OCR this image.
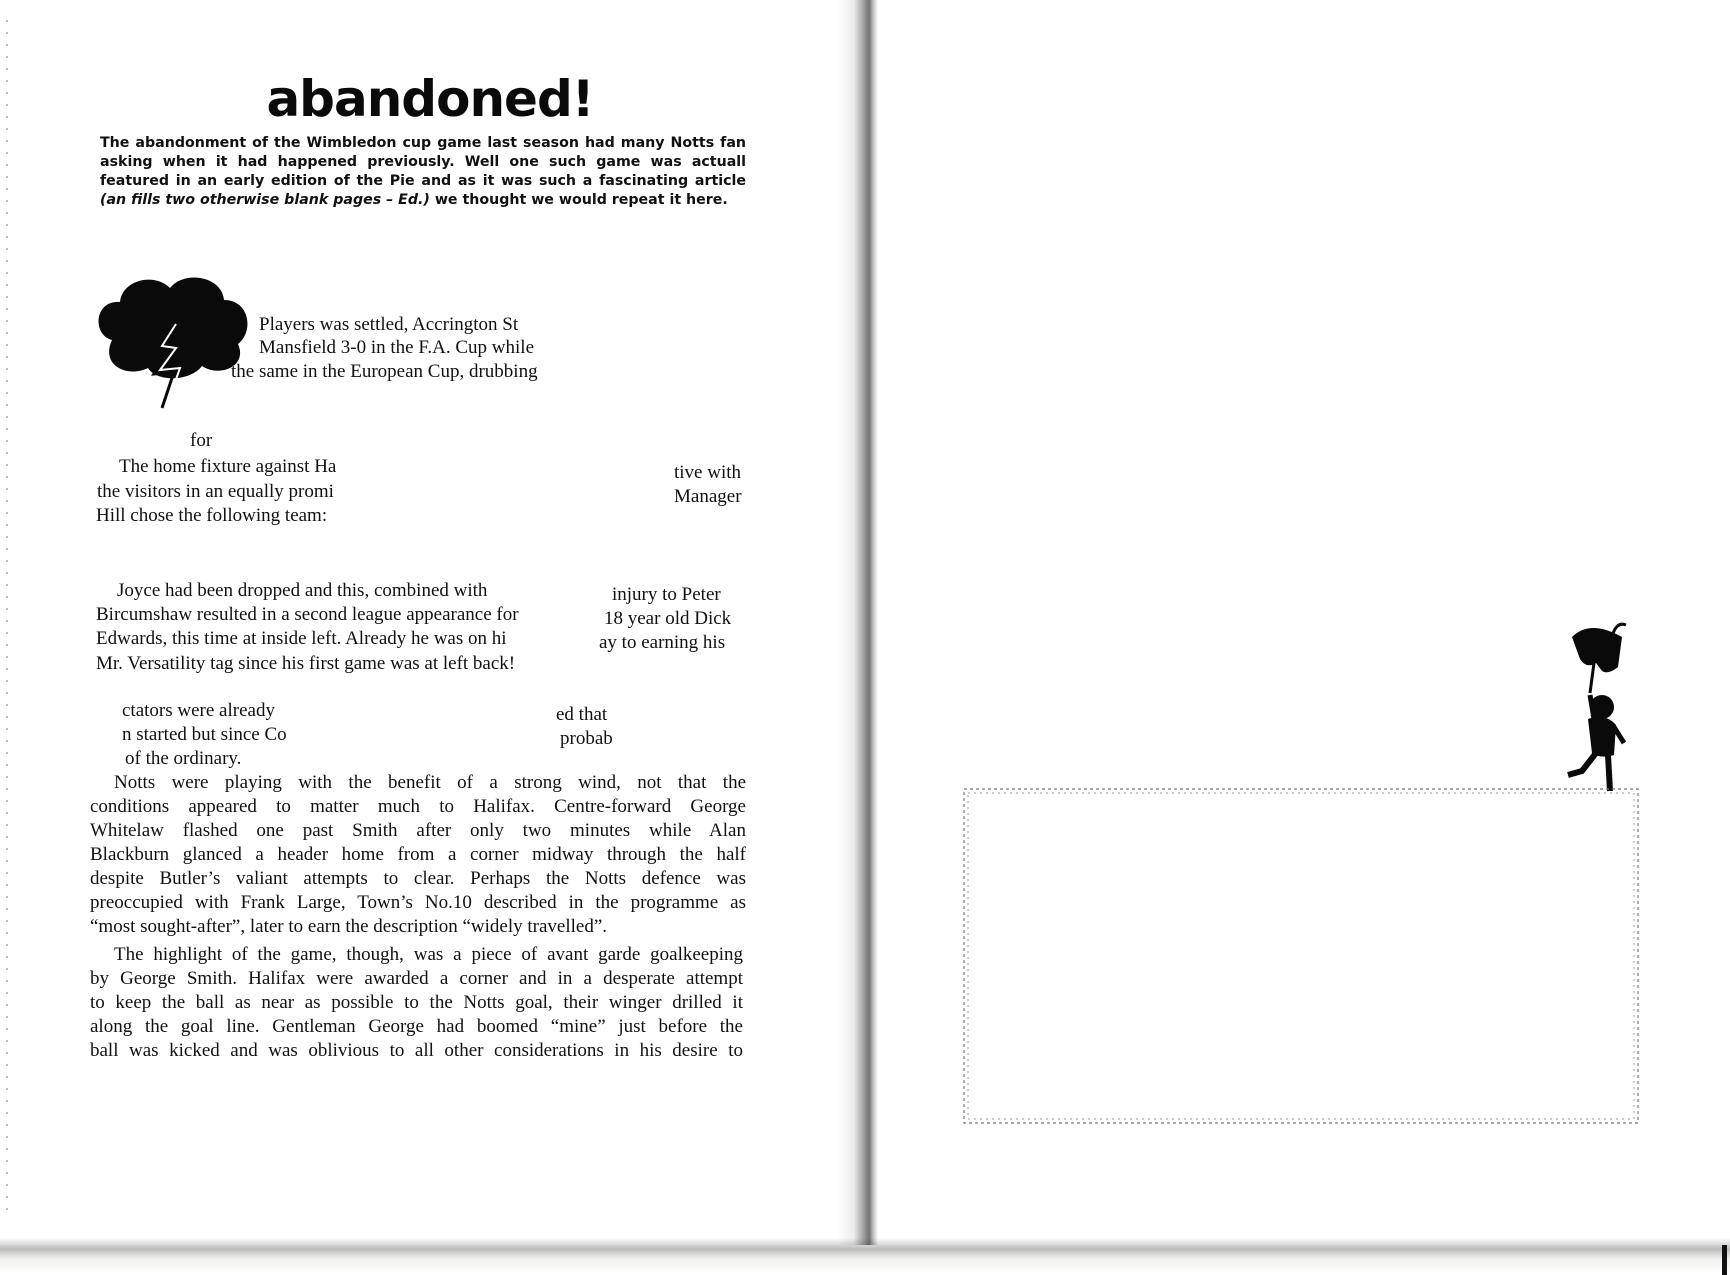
abandoned!

The abandonment of the Wimbledon cup game last season had many Notts fan asking when it had happened previously. Well one such game was actuall featured in an early edition of the Pie and as it was such a fascinating article (an fills two otherwise blank pages – Ed.) we thought we would repeat it here.

Players was settled, Accrington St
Mansfield 3-0 in the F.A. Cup while
the same in the European Cup, drubbing
for
The home fixture against Ha	tive with
the visitors in an equally promi	Manager
Hill chose the following team:
Joyce had been dropped and this, combined with	injury to Peter
Bircumshaw resulted in a second league appearance for	18 year old Dick
Edwards, this time at inside left. Already he was on hi	ay to earning his
Mr. Versatility tag since his first game was at left back!
ctators were already	ed that
n started but since Co	probab
of the ordinary.
Notts were playing with the benefit of a strong wind, not that the
conditions appeared to matter much to Halifax. Centre-forward George
Whitelaw flashed one past Smith after only two minutes while Alan
Blackburn glanced a header home from a corner midway through the half
despite Butler’s valiant attempts to clear. Perhaps the Notts defence was
preoccupied with Frank Large, Town’s No.10 described in the programme as
“most sought-after”, later to earn the description “widely travelled”.
The highlight of the game, though, was a piece of avant garde goalkeeping
by George Smith. Halifax were awarded a corner and in a desperate attempt
to keep the ball as near as possible to the Notts goal, their winger drilled it
along the goal line. Gentleman George had boomed “mine” just before the
ball was kicked and was oblivious to all other considerations in his desire to
